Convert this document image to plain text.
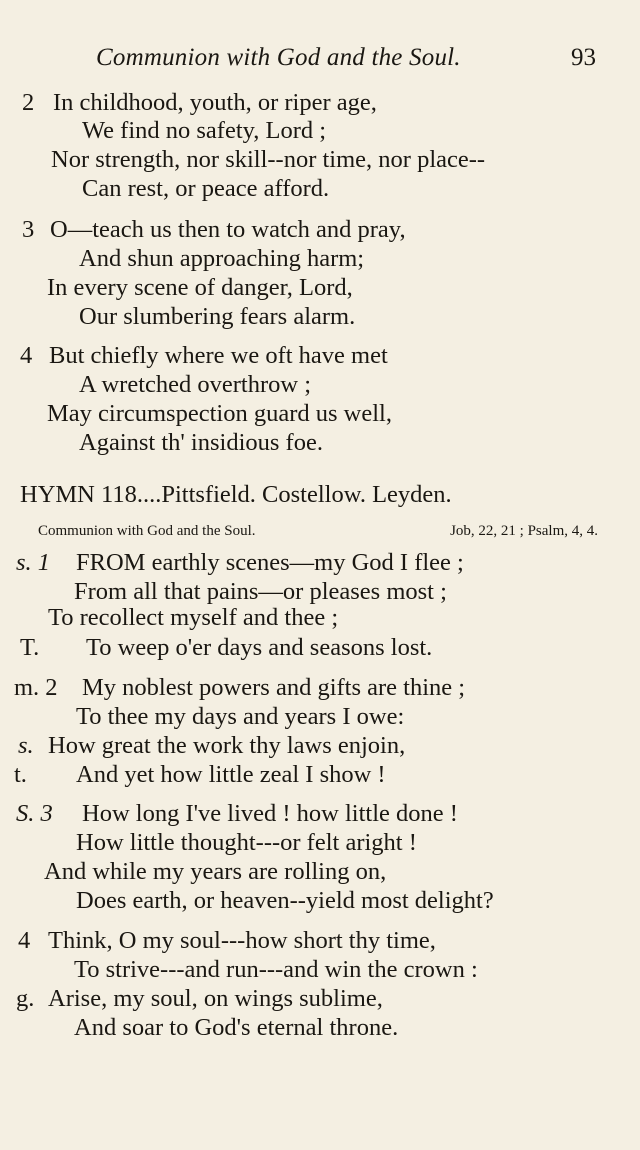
Communion with God and the Soul.	93
2 In childhood, youth, or riper age,
We find no safety, Lord ;
Nor strength, nor skill--nor time, nor place--
Can rest, or peace afford.
3 O—teach us then to watch and pray,
And shun approaching harm;
In every scene of danger, Lord,
Our slumbering fears alarm.
4 But chiefly where we oft have met
A wretched overthrow ;
May circumspection guard us well,
Against th' insidious foe.
HYMN 118....Pittsfield. Costellow. Leyden.
Communion with God and the Soul.	Job, 22, 21 ; Psalm, 4, 4.
s. 1 FROM earthly scenes—my God I flee ;
From all that pains—or pleases most ;
To recollect myself and thee ;
T. To weep o'er days and seasons lost.
m. 2 My noblest powers and gifts are thine ;
To thee my days and years I owe:
s. How great the work thy laws enjoin,
t. And yet how little zeal I show !
S. 3 How long I've lived ! how little done !
How little thought---or felt aright !
And while my years are rolling on,
Does earth, or heaven--yield most delight?
4 Think, O my soul---how short thy time,
To strive---and run---and win the crown :
g. Arise, my soul, on wings sublime,
And soar to God's eternal throne.
